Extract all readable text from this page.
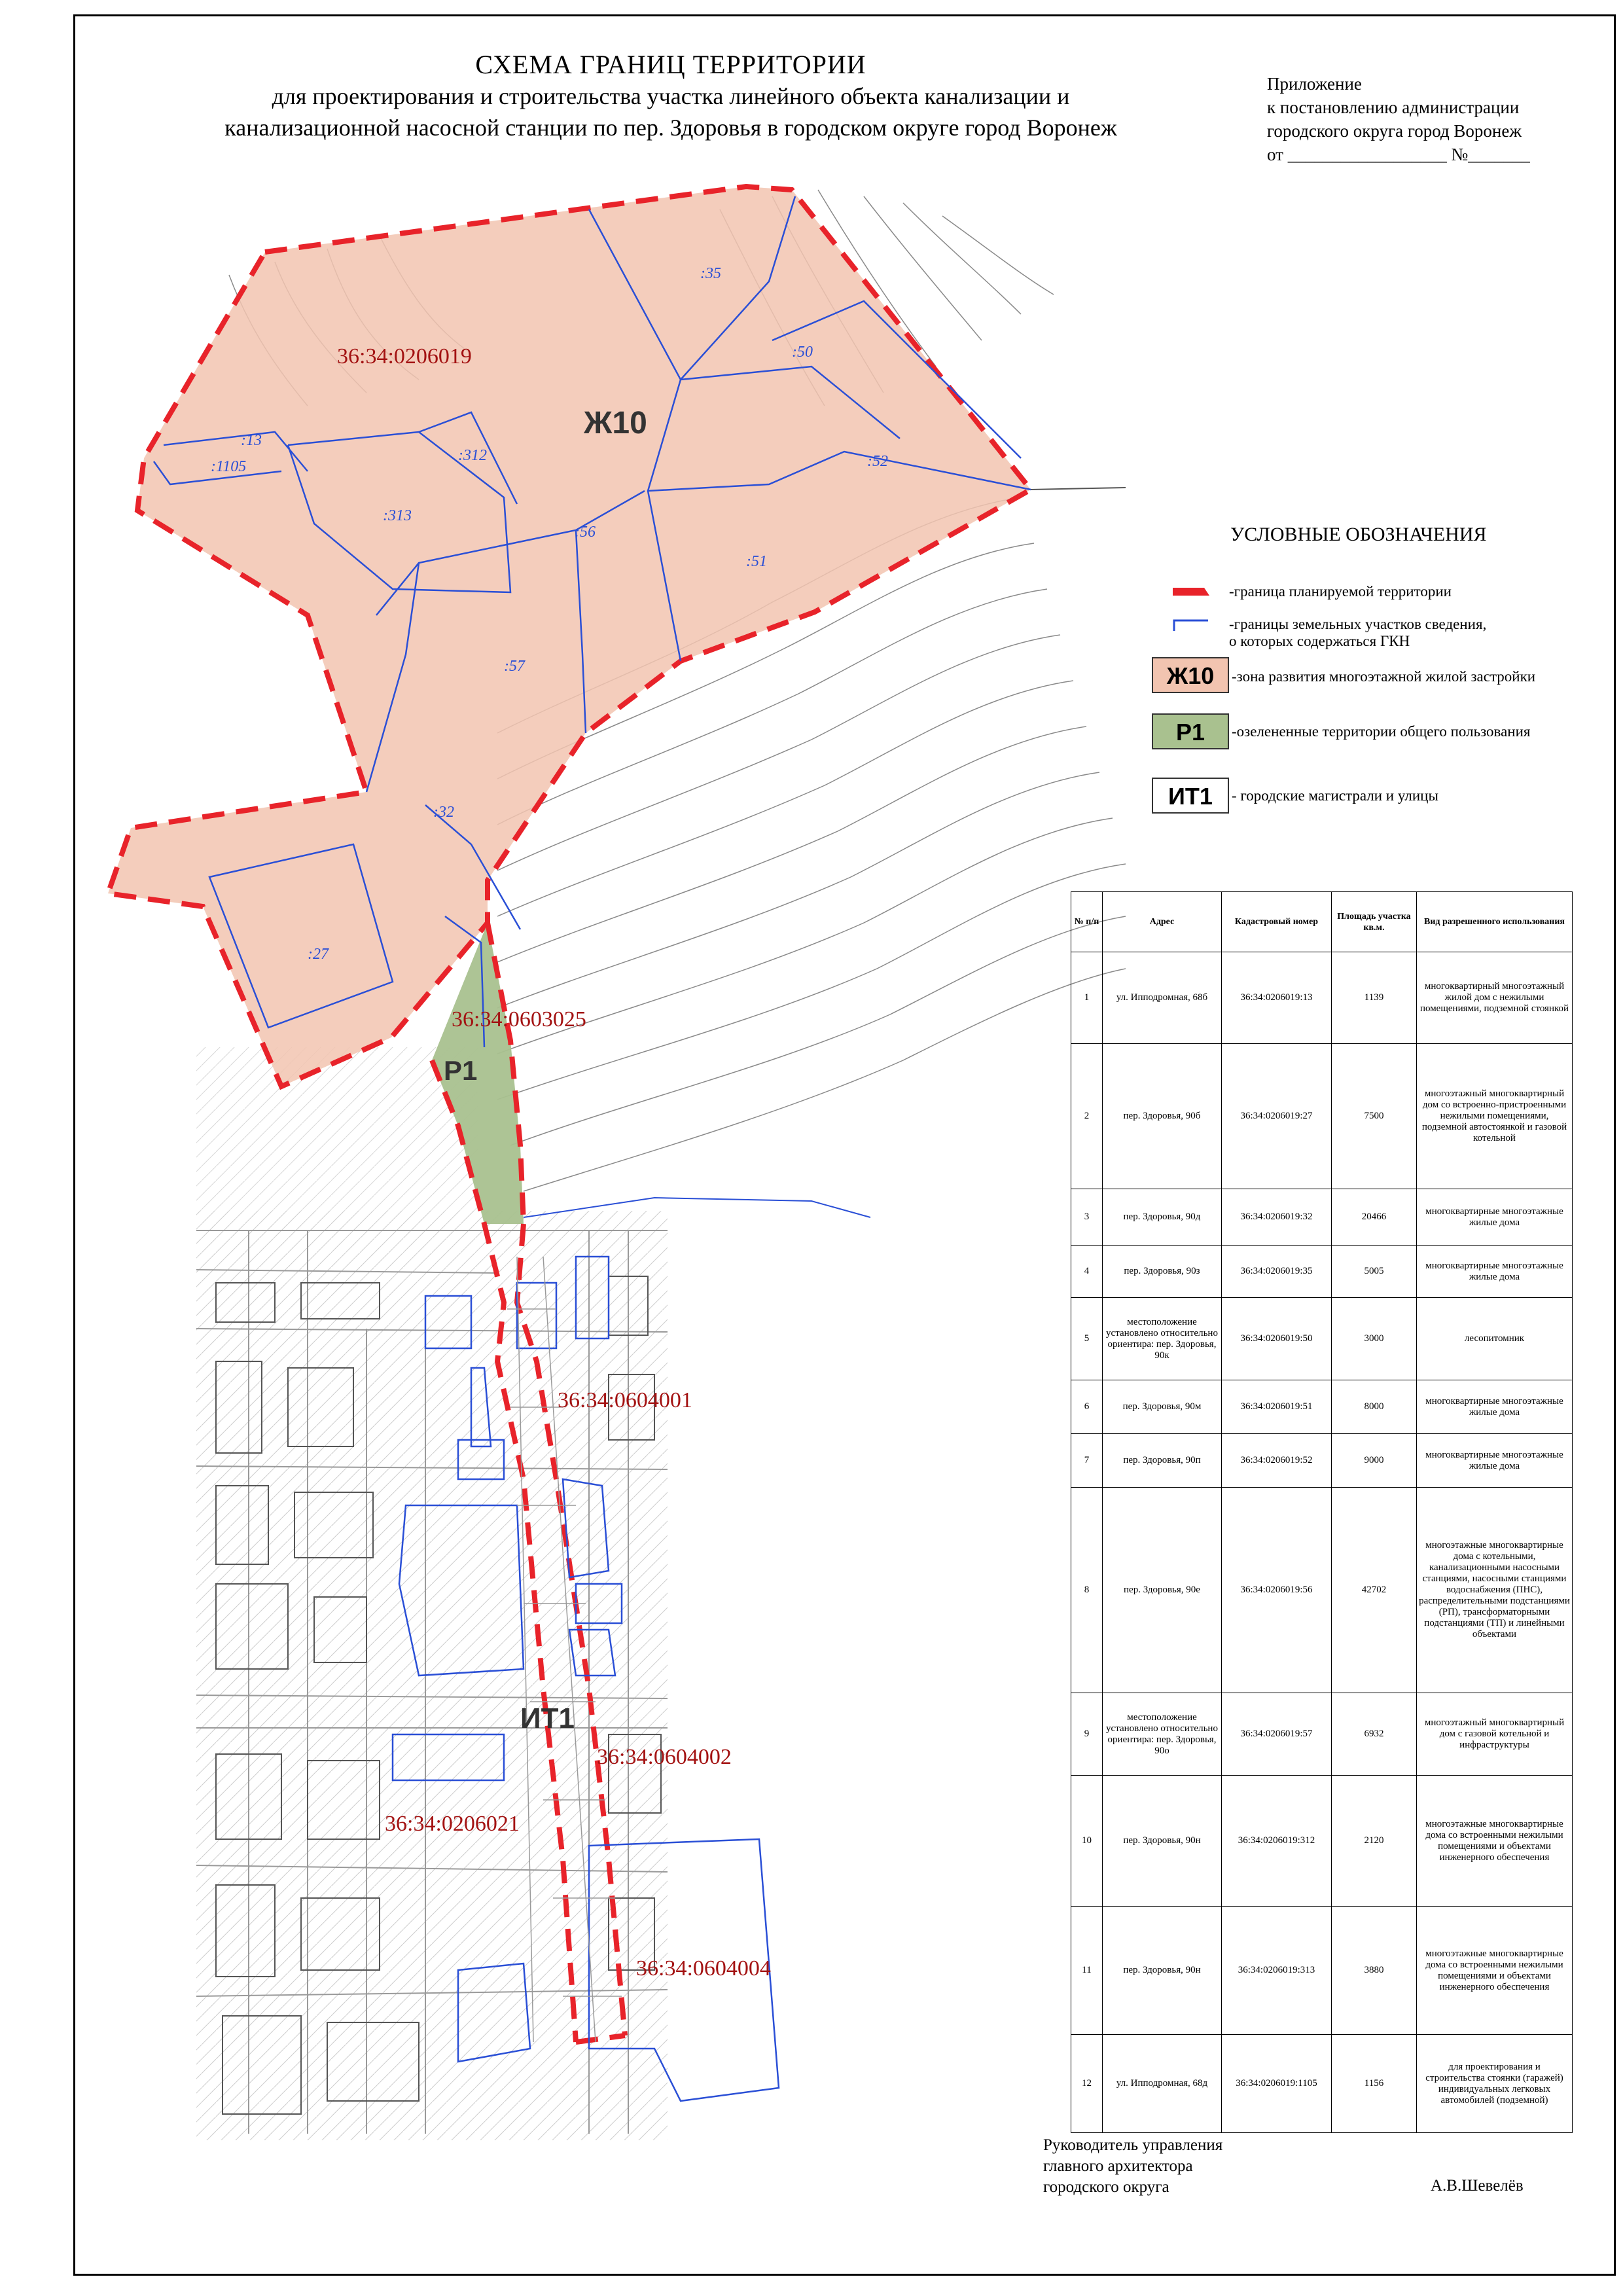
СХЕМА ГРАНИЦ ТЕРРИТОРИИ
для проектирования и строительства участка линейного объекта канализации и
канализационной насосной станции по пер. Здоровья в городском округе город Воронеж
Приложение
к постановлению администрации
городского округа город Воронеж
от __________________ №_______
Ж10
Р1
ИТ1
36:34:0206019
36:34:0603025
36:34:0604001
36:34:0604002
36:34:0206021
36:34:0604004
:35
:50
:52
:13
:1105
:312
:313
:56
:51
:57
:32
:27
УСЛОВНЫЕ ОБОЗНАЧЕНИЯ
-граница планируемой территории
-границы земельных участков сведения,
о которых содержаться ГКН
Ж10	-зона развития многоэтажной жилой застройки
Р1	-озелененные территории общего пользования
ИТ1	- городские магистрали и улицы
№ п/п	Адрес	Кадастровый номер	Площадь участка кв.м.	Вид разрешенного использования
1	ул. Ипподромная, 68б	36:34:0206019:13	1139	многоквартирный многоэтажный жилой дом с нежилыми помещениями, подземной стоянкой
2	пер. Здоровья, 90б	36:34:0206019:27	7500	многоэтажный многоквартирный дом со встроенно-пристроенными нежилыми помещениями, подземной автостоянкой и газовой котельной
3	пер. Здоровья, 90д	36:34:0206019:32	20466	многоквартирные многоэтажные жилые дома
4	пер. Здоровья, 90з	36:34:0206019:35	5005	многоквартирные многоэтажные жилые дома
5	местоположение установлено относительно ориентира: пер. Здоровья, 90к	36:34:0206019:50	3000	лесопитомник
6	пер. Здоровья, 90м	36:34:0206019:51	8000	многоквартирные многоэтажные жилые дома
7	пер. Здоровья, 90п	36:34:0206019:52	9000	многоквартирные многоэтажные жилые дома
8	пер. Здоровья, 90е	36:34:0206019:56	42702	многоэтажные многоквартирные дома с котельными, канализационными насосными станциями, насосными станциями водоснабжения (ПНС), распределительными подстанциями (РП), трансформаторными подстанциями (ТП) и линейными объектами
9	местоположение установлено относительно ориентира: пер. Здоровья, 90о	36:34:0206019:57	6932	многоэтажный многоквартирный дом с газовой котельной и инфраструктуры
10	пер. Здоровья, 90н	36:34:0206019:312	2120	многоэтажные многоквартирные дома со встроенными нежилыми помещениями и объектами инженерного обеспечения
11	пер. Здоровья, 90н	36:34:0206019:313	3880	многоэтажные многоквартирные дома со встроенными нежилыми помещениями и объектами инженерного обеспечения
12	ул. Ипподромная, 68д	36:34:0206019:1105	1156	для проектирования и строительства стоянки (гаражей) индивидуальных легковых автомобилей (подземной)
Руководитель управления
главного архитектора
городского округа	А.В.Шевелёв
